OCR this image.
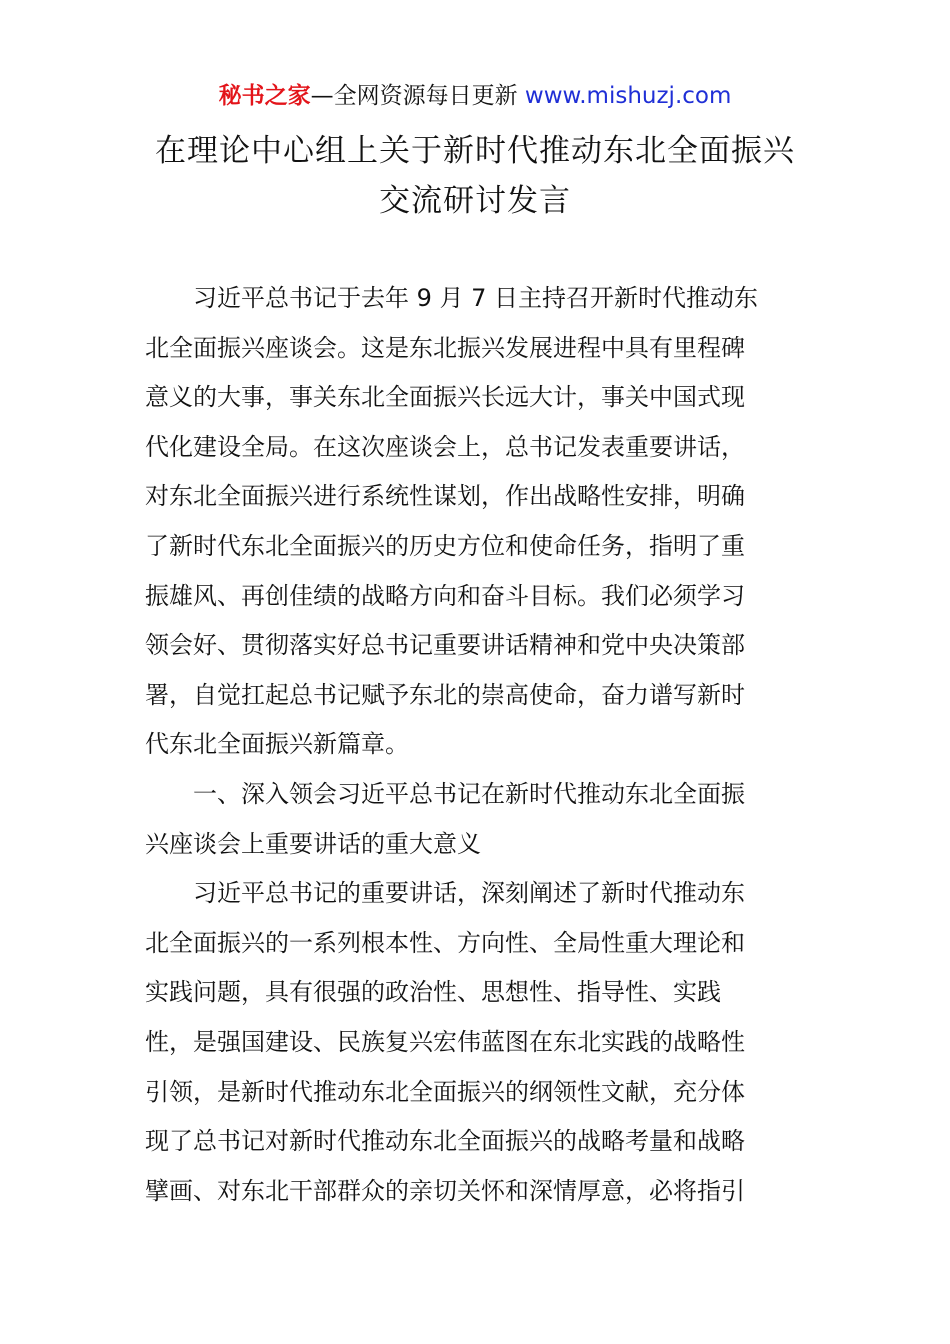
秘书之家—全网资源每日更新 www.mishuzj.com
在理论中心组上关于新时代推动东北全面振兴
交流研讨发言
习近平总书记于去年 9 月 7 日主持召开新时代推动东
北全面振兴座谈会。这是东北振兴发展进程中具有里程碑
意义的大事，事关东北全面振兴长远大计，事关中国式现
代化建设全局。在这次座谈会上，总书记发表重要讲话，
对东北全面振兴进行系统性谋划，作出战略性安排，明确
了新时代东北全面振兴的历史方位和使命任务，指明了重
振雄风、再创佳绩的战略方向和奋斗目标。我们必须学习
领会好、贯彻落实好总书记重要讲话精神和党中央决策部
署，自觉扛起总书记赋予东北的崇高使命，奋力谱写新时
代东北全面振兴新篇章。
一、深入领会习近平总书记在新时代推动东北全面振
兴座谈会上重要讲话的重大意义
习近平总书记的重要讲话，深刻阐述了新时代推动东
北全面振兴的一系列根本性、方向性、全局性重大理论和
实践问题，具有很强的政治性、思想性、指导性、实践
性，是强国建设、民族复兴宏伟蓝图在东北实践的战略性
引领，是新时代推动东北全面振兴的纲领性文献，充分体
现了总书记对新时代推动东北全面振兴的战略考量和战略
擘画、对东北干部群众的亲切关怀和深情厚意，必将指引
